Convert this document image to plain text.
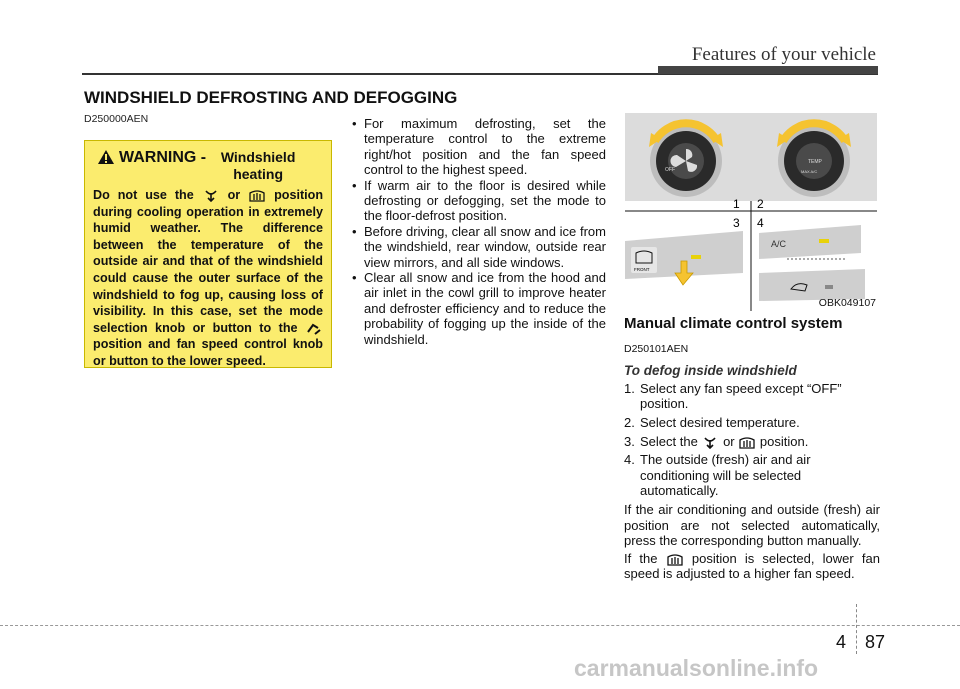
Features of your vehicle
WINDSHIELD DEFROSTING AND DEFOGGING
D250000AEN
WARNING -	Windshield heating
Do not use the	or	position during cooling operation in extremely humid weather. The difference between the temperature of the outside air and that of the windshield could cause the outer surface of the windshield to fog up, causing loss of visibility. In this case, set the mode selection knob or button to the  position and fan speed control knob or button to the lower speed.
• For maximum defrosting, set the temperature control to the extreme right/hot position and the fan speed control to the highest speed.
• If warm air to the floor is desired while defrosting or defogging, set the mode to the floor-defrost position.
• Before driving, clear all snow and ice from the windshield, rear window, outside rear view mirrors, and all side windows.
• Clear all snow and ice from the hood and air inlet in the cowl grill to improve heater and defroster efficiency and to reduce the probability of fogging up the inside of the windshield.
OFF
TEMP
MAX A/C
1 2
3 4
FRONT
A/C
OBK049107
Manual climate control system
D250101AEN
To defog inside windshield
1. Select any fan speed except “OFF” position.
2. Select desired temperature.
3. Select the or position.
4. The outside (fresh) air and air conditioning will be selected automatically.

If the air conditioning and outside (fresh) air position are not selected automatically, press the corresponding button manually.

If the	position is selected, lower fan speed is adjusted to a higher fan speed.

4 87
carmanualsonline.info
